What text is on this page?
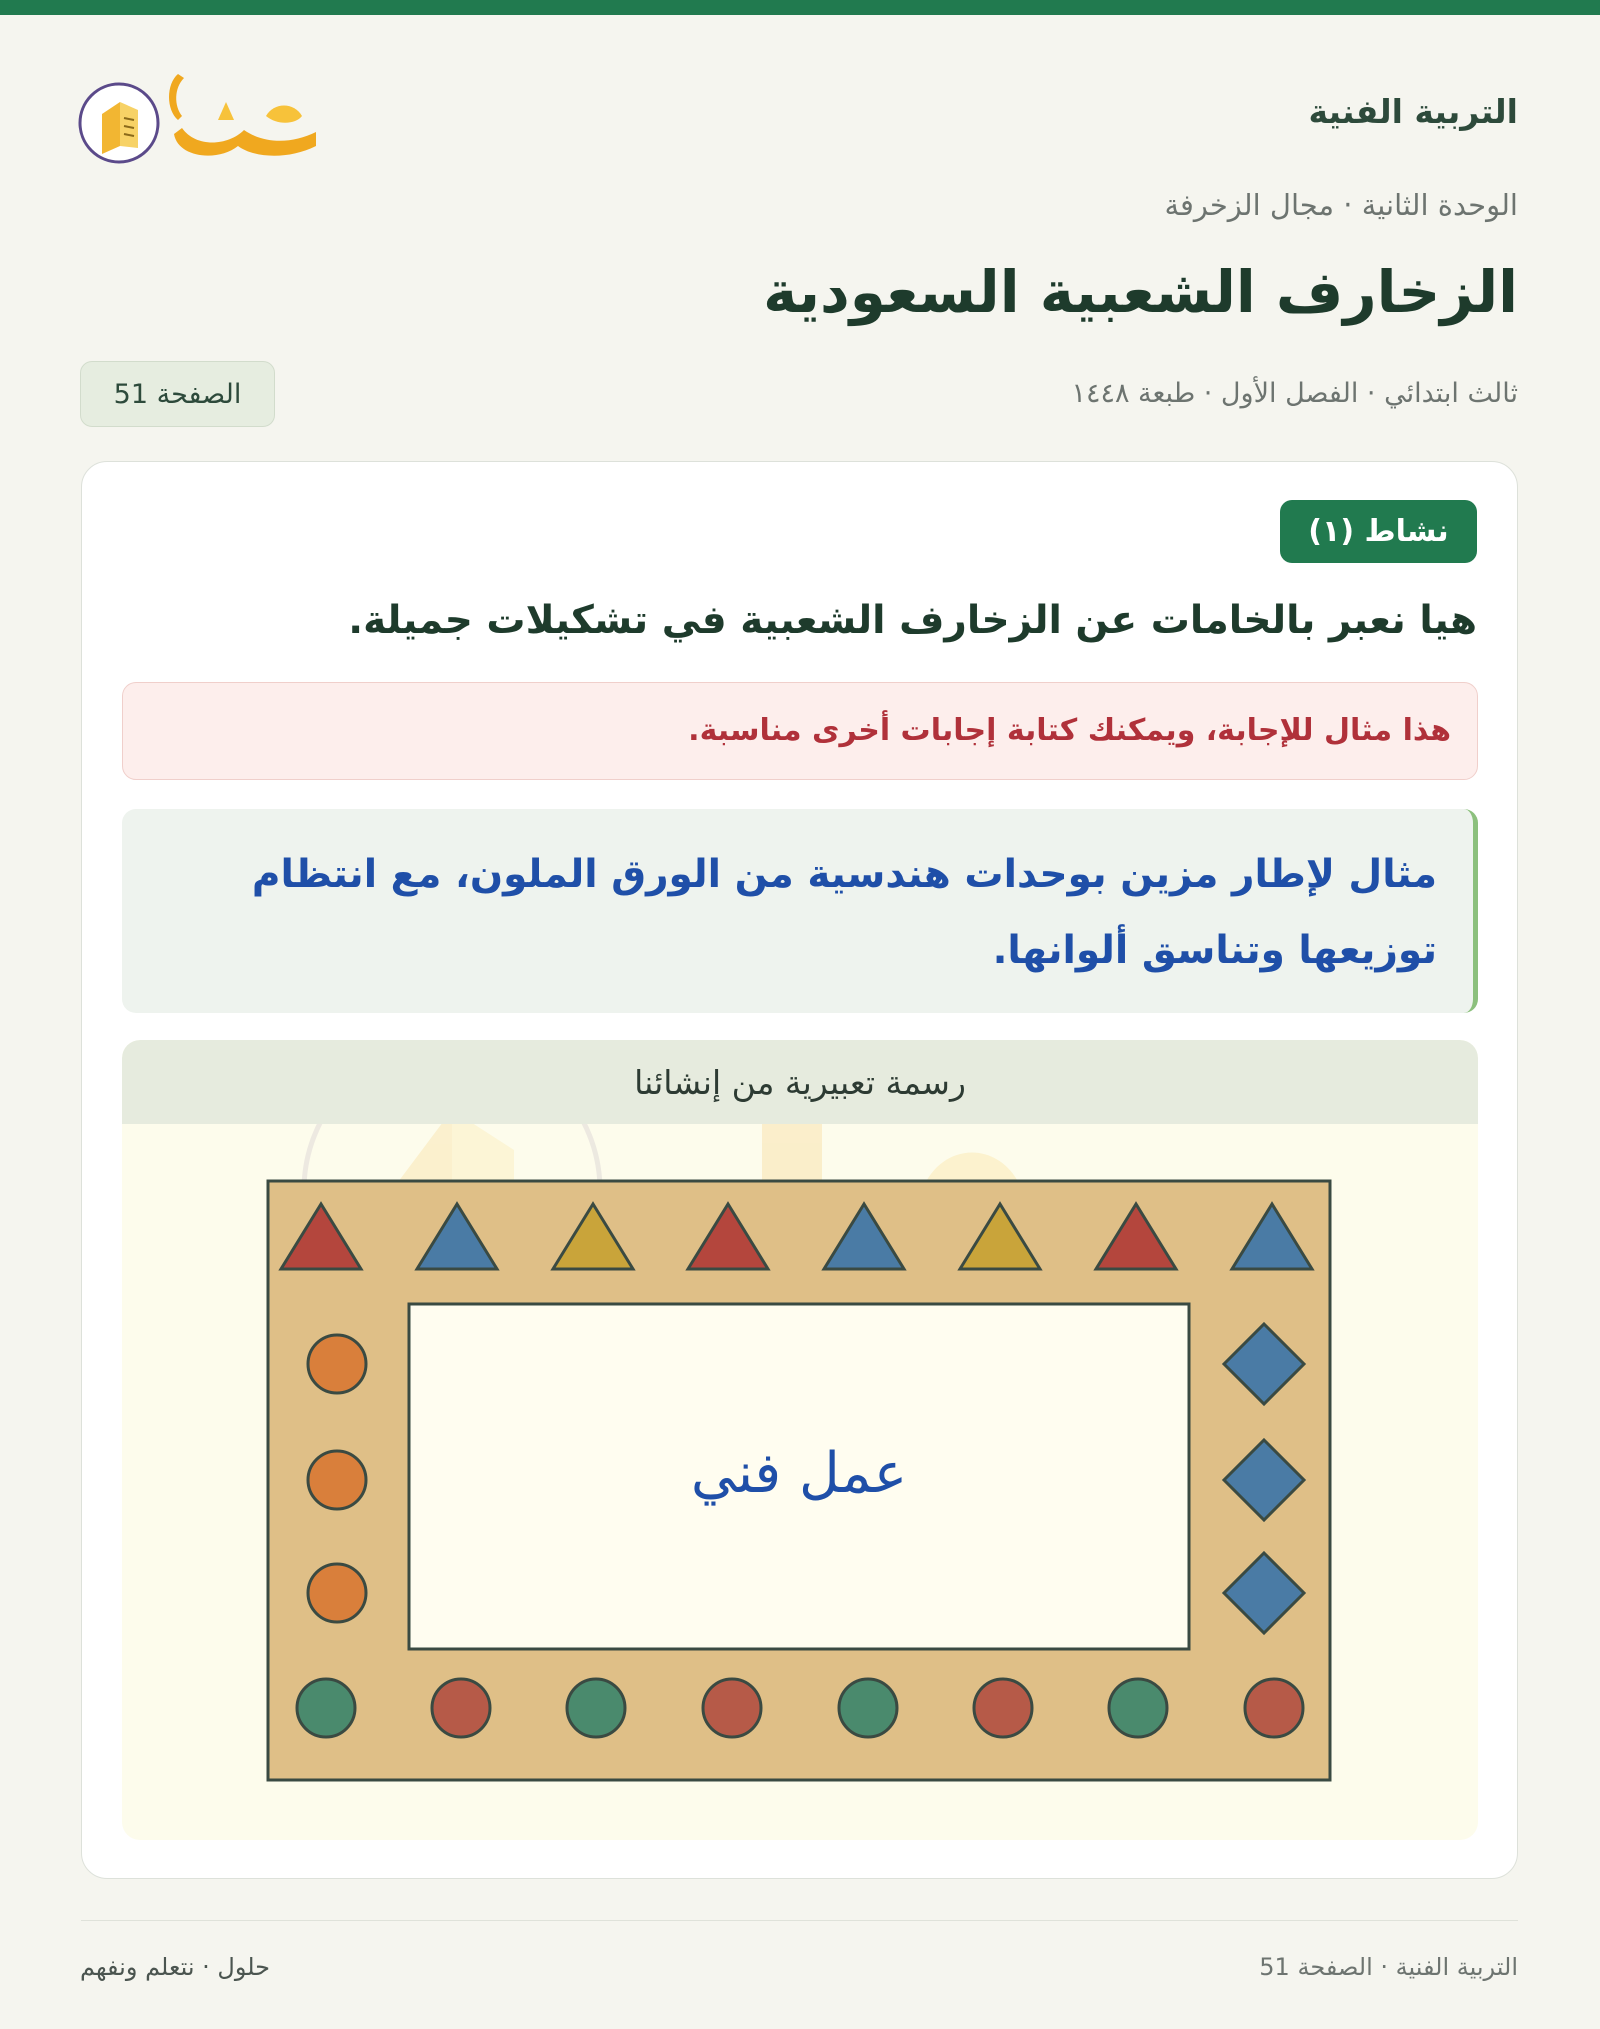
التربية الفنية
الوحدة الثانية · مجال الزخرفة
الزخارف الشعبية السعودية
ثالث ابتدائي · الفصل الأول · طبعة ١٤٤٨
الصفحة 51
نشاط (١)
هيا نعبر بالخامات عن الزخارف الشعبية في تشكيلات جميلة.
هذا مثال للإجابة، ويمكنك كتابة إجابات أخرى مناسبة.
مثال لإطار مزين بوحدات هندسية من الورق الملون، مع انتظام توزيعها وتناسق ألوانها.
عمل فني
رسمة تعبيرية من إنشائنا
التربية الفنية · الصفحة 51
حلول · نتعلم ونفهم
